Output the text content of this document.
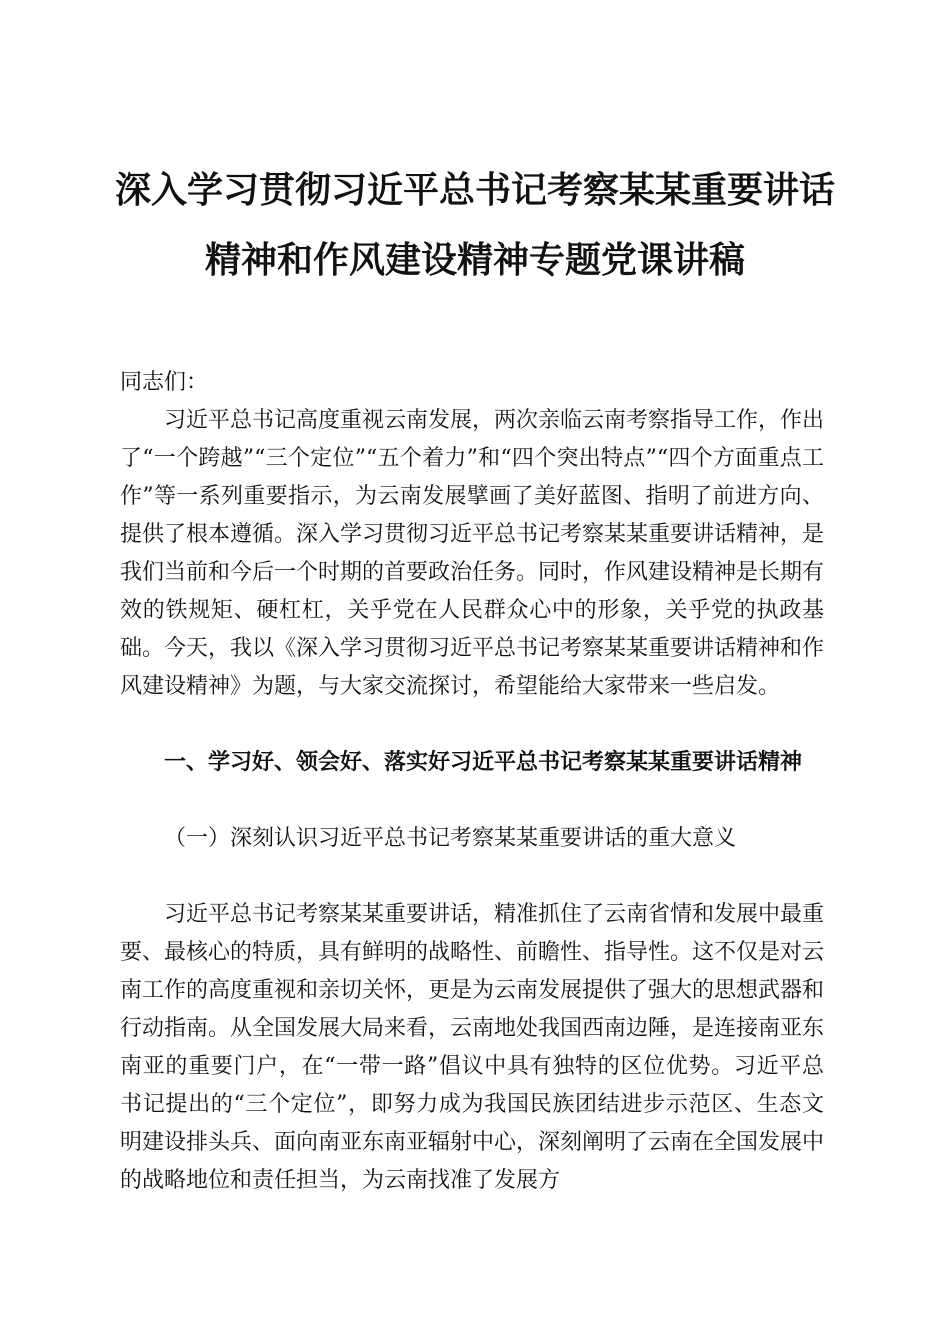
深入学习贯彻习近平总书记考察某某重要讲话
精神和作风建设精神专题党课讲稿

同志们：

习近平总书记高度重视云南发展，两次亲临云南考察指导工作，作出了“一个跨越”“三个定位”“五个着力”和“四个突出特点”“四个方面重点工作”等一系列重要指示，为云南发展擘画了美好蓝图、指明了前进方向、提供了根本遵循。深入学习贯彻习近平总书记考察某某重要讲话精神，是我们当前和今后一个时期的首要政治任务。同时，作风建设精神是长期有效的铁规矩、硬杠杠，关乎党在人民群众心中的形象，关乎党的执政基础。今天，我以《深入学习贯彻习近平总书记考察某某重要讲话精神和作风建设精神》为题，与大家交流探讨，希望能给大家带来一些启发。

一、学习好、领会好、落实好习近平总书记考察某某重要讲话精神

（一）深刻认识习近平总书记考察某某重要讲话的重大意义

习近平总书记考察某某重要讲话，精准抓住了云南省情和发展中最重要、最核心的特质，具有鲜明的战略性、前瞻性、指导性。这不仅是对云南工作的高度重视和亲切关怀，更是为云南发展提供了强大的思想武器和行动指南。从全国发展大局来看，云南地处我国西南边陲，是连接南亚东南亚的重要门户，在“一带一路”倡议中具有独特的区位优势。习近平总书记提出的“三个定位”，即努力成为我国民族团结进步示范区、生态文明建设排头兵、面向南亚东南亚辐射中心，深刻阐明了云南在全国发展中的战略地位和责任担当，为云南找准了发展方
